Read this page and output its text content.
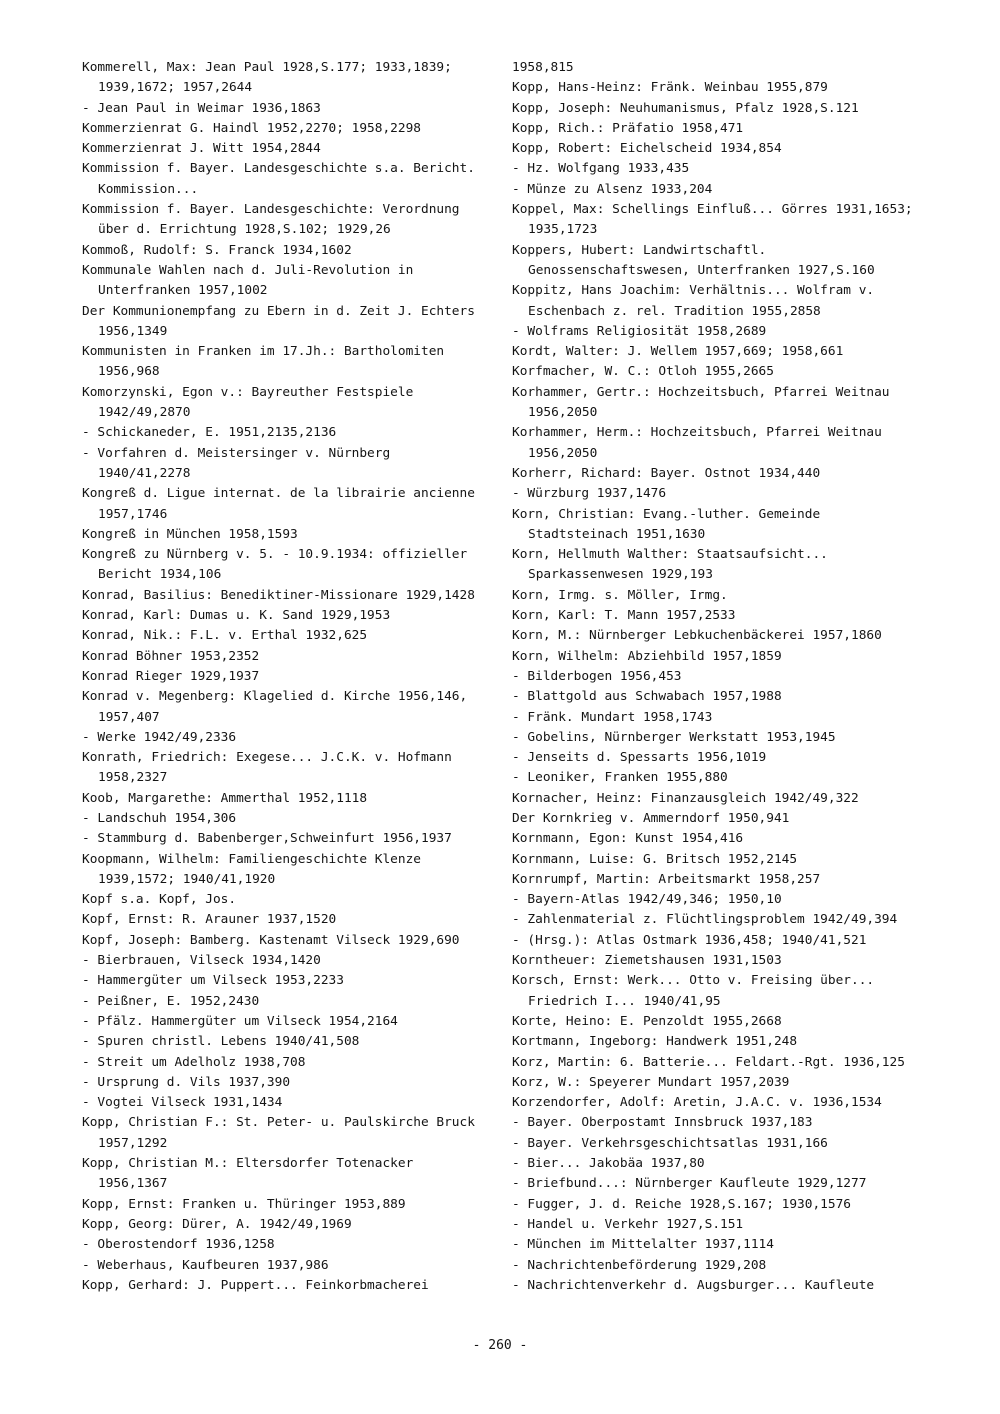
Kommerell, Max: Jean Paul 1928,S.177; 1933,1839; 1939,1672; 1957,2644

- Jean Paul in Weimar 1936,1863

Kommerzienrat G. Haindl 1952,2270; 1958,2298

Kommerzienrat J. Witt 1954,2844

Kommission f. Bayer. Landesgeschichte s.a. Bericht. Kommission...

Kommission f. Bayer. Landesgeschichte: Verordnung über d. Errichtung 1928,S.102; 1929,26

Kommoß, Rudolf: S. Franck 1934,1602

Kommunale Wahlen nach d. Juli-Revolution in Unterfranken 1957,1002

Der Kommunionempfang zu Ebern in d. Zeit J. Echters 1956,1349

Kommunisten in Franken im 17.Jh.: Bartholomiten 1956,968

Komorzynski, Egon v.: Bayreuther Festspiele 1942/49,2870

- Schickaneder, E. 1951,2135,2136

- Vorfahren d. Meistersinger v. Nürnberg 1940/41,2278

Kongreß d. Ligue internat. de la librairie ancienne 1957,1746

Kongreß in München 1958,1593

Kongreß zu Nürnberg v. 5. - 10.9.1934: offizieller Bericht 1934,106

Konrad, Basilius: Benediktiner-Missionare 1929,1428

Konrad, Karl: Dumas u. K. Sand 1929,1953

Konrad, Nik.: F.L. v. Erthal 1932,625

Konrad Böhner 1953,2352

Konrad Rieger 1929,1937

Konrad v. Megenberg: Klagelied d. Kirche 1956,146, 1957,407

- Werke 1942/49,2336

Konrath, Friedrich: Exegese... J.C.K. v. Hofmann 1958,2327

Koob, Margarethe: Ammerthal 1952,1118

- Landschuh 1954,306

- Stammburg d. Babenberger,Schweinfurt 1956,1937

Koopmann, Wilhelm: Familiengeschichte Klenze 1939,1572; 1940/41,1920

Kopf s.a. Kopf, Jos.

Kopf, Ernst: R. Arauner 1937,1520

Kopf, Joseph: Bamberg. Kastenamt Vilseck 1929,690

- Bierbrauen, Vilseck 1934,1420

- Hammergüter um Vilseck 1953,2233

- Peißner, E. 1952,2430

- Pfälz. Hammergüter um Vilseck 1954,2164

- Spuren christl. Lebens 1940/41,508

- Streit um Adelholz 1938,708

- Ursprung d. Vils 1937,390

- Vogtei Vilseck 1931,1434

Kopp, Christian F.: St. Peter- u. Paulskirche Bruck 1957,1292

Kopp, Christian M.: Eltersdorfer Totenacker 1956,1367

Kopp, Ernst: Franken u. Thüringer 1953,889

Kopp, Georg: Dürer, A. 1942/49,1969

- Oberostendorf 1936,1258

- Weberhaus, Kaufbeuren 1937,986

Kopp, Gerhard: J. Puppert... Feinkorbmacherei

1958,815

Kopp, Hans-Heinz: Fränk. Weinbau 1955,879

Kopp, Joseph: Neuhumanismus, Pfalz 1928,S.121

Kopp, Rich.: Präfatio 1958,471

Kopp, Robert: Eichelscheid 1934,854

- Hz. Wolfgang 1933,435

- Münze zu Alsenz 1933,204

Koppel, Max: Schellings Einfluß... Görres 1931,1653; 1935,1723

Koppers, Hubert: Landwirtschaftl. Genossenschaftswesen, Unterfranken 1927,S.160

Koppitz, Hans Joachim: Verhältnis... Wolfram v. Eschenbach z. rel. Tradition 1955,2858

- Wolframs Religiosität 1958,2689

Kordt, Walter: J. Wellem 1957,669; 1958,661

Korfmacher, W. C.: Otloh 1955,2665

Korhammer, Gertr.: Hochzeitsbuch, Pfarrei Weitnau 1956,2050

Korhammer, Herm.: Hochzeitsbuch, Pfarrei Weitnau 1956,2050

Korherr, Richard: Bayer. Ostnot 1934,440

- Würzburg 1937,1476

Korn, Christian: Evang.-luther. Gemeinde Stadtsteinach 1951,1630

Korn, Hellmuth Walther: Staatsaufsicht... Sparkassenwesen 1929,193

Korn, Irmg. s. Möller, Irmg.

Korn, Karl: T. Mann 1957,2533

Korn, M.: Nürnberger Lebkuchenbäckerei 1957,1860

Korn, Wilhelm: Abziehbild 1957,1859

- Bilderbogen 1956,453

- Blattgold aus Schwabach 1957,1988

- Fränk. Mundart 1958,1743

- Gobelins, Nürnberger Werkstatt 1953,1945

- Jenseits d. Spessarts 1956,1019

- Leoniker, Franken 1955,880

Kornacher, Heinz: Finanzausgleich 1942/49,322

Der Kornkrieg v. Ammerndorf 1950,941

Kornmann, Egon: Kunst 1954,416

Kornmann, Luise: G. Britsch 1952,2145

Kornrumpf, Martin: Arbeitsmarkt 1958,257

- Bayern-Atlas 1942/49,346; 1950,10

- Zahlenmaterial z. Flüchtlingsproblem 1942/49,394

- (Hrsg.): Atlas Ostmark 1936,458; 1940/41,521

Korntheuer: Ziemetshausen 1931,1503

Korsch, Ernst: Werk... Otto v. Freising über... Friedrich I... 1940/41,95

Korte, Heino: E. Penzoldt 1955,2668

Kortmann, Ingeborg: Handwerk 1951,248

Korz, Martin: 6. Batterie... Feldart.-Rgt. 1936,125

Korz, W.: Speyerer Mundart 1957,2039

Korzendorfer, Adolf: Aretin, J.A.C. v. 1936,1534

- Bayer. Oberpostamt Innsbruck 1937,183

- Bayer. Verkehrsgeschichtsatlas 1931,166

- Bier... Jakobäa 1937,80

- Briefbund...: Nürnberger Kaufleute 1929,1277

- Fugger, J. d. Reiche 1928,S.167; 1930,1576

- Handel u. Verkehr 1927,S.151

- München im Mittelalter 1937,1114

- Nachrichtenbeförderung 1929,208

- Nachrichtenverkehr d. Augsburger... Kaufleute

- 260 -
